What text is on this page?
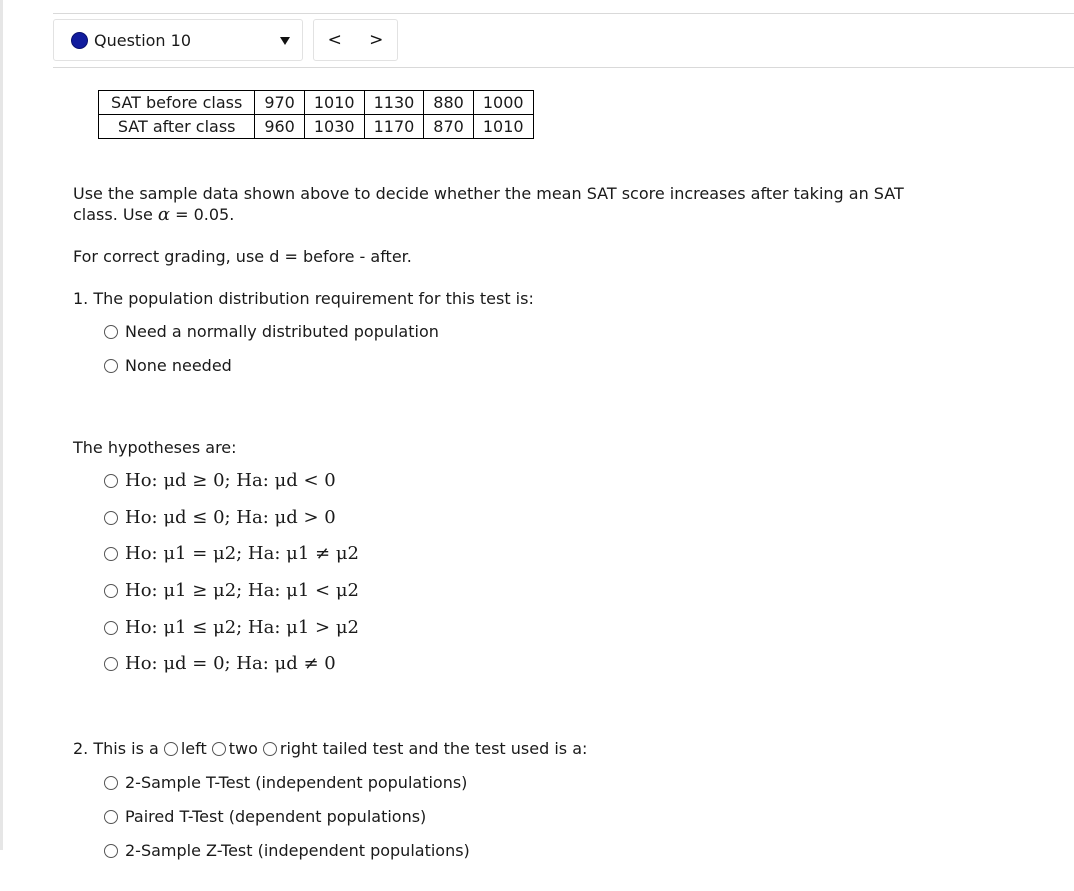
Question 10	<	>
SAT before class	970	1010	1130	880	1000
SAT after class	960	1030	1170	870	1010
Use the sample data shown above to decide whether the mean SAT score increases after taking an SAT
class. Use α = 0.05.
For correct grading, use d = before - after.
1. The population distribution requirement for this test is:
Need a normally distributed population
None needed
The hypotheses are:
Ho: μd ≥ 0; Ha: μd < 0
Ho: μd ≤ 0; Ha: μd > 0
Ho: μ1 = μ2; Ha: μ1 ≠ μ2
Ho: μ1 ≥ μ2; Ha: μ1 < μ2
Ho: μ1 ≤ μ2; Ha: μ1 > μ2
Ho: μd = 0; Ha: μd ≠ 0
2. This is a left two right tailed test and the test used is a:
2-Sample T-Test (independent populations)
Paired T-Test (dependent populations)
2-Sample Z-Test (independent populations)
